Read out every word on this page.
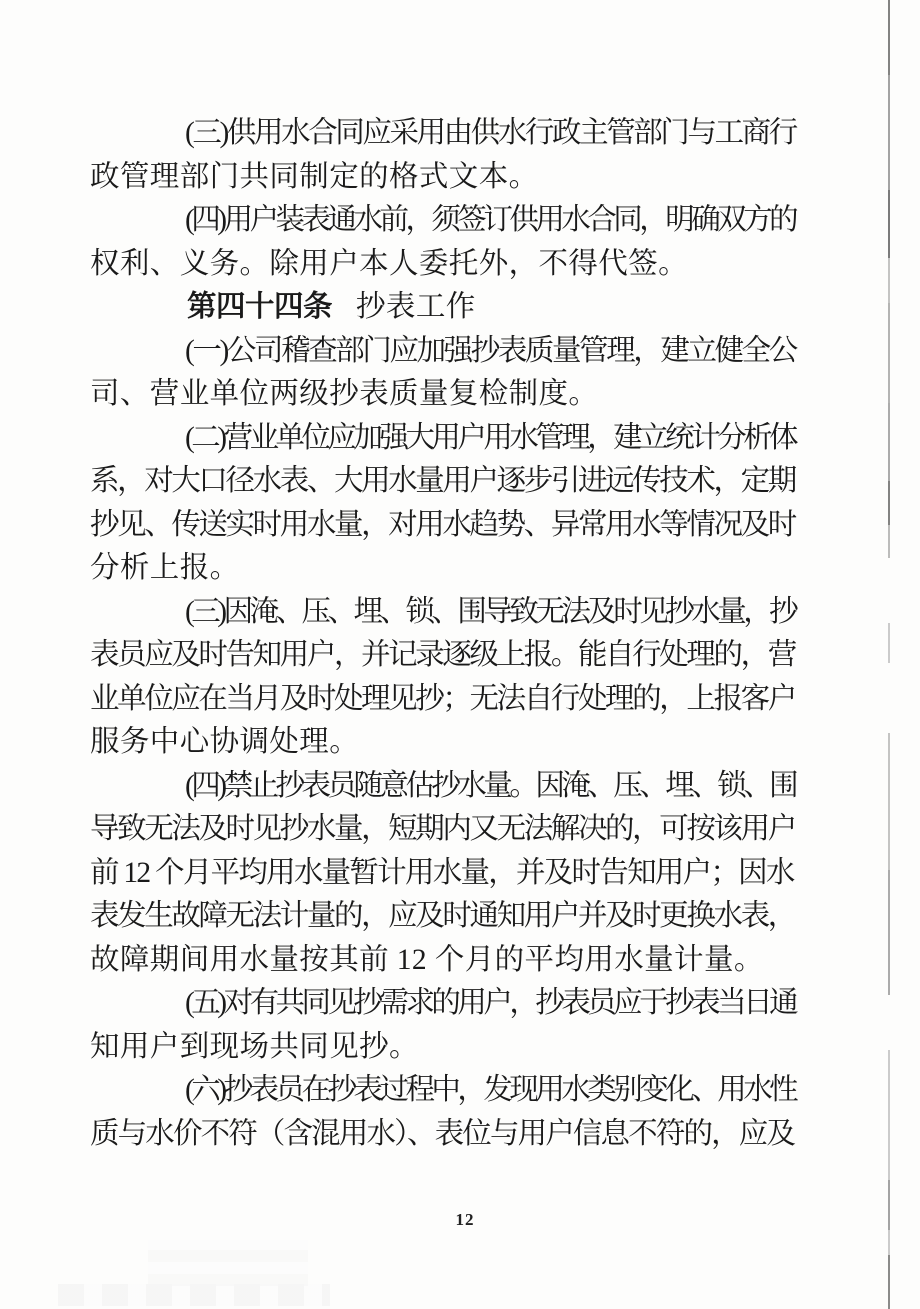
(三)供用水合同应采用由供水行政主管部门与工商行
政管理部门共同制定的格式文本。
(四)用户装表通水前，须签订供用水合同，明确双方的
权利、义务。除用户本人委托外，不得代签。
第四十四条 抄表工作
(一)公司稽查部门应加强抄表质量管理，建立健全公
司、营业单位两级抄表质量复检制度。
(二)营业单位应加强大用户用水管理，建立统计分析体
系，对大口径水表、大用水量用户逐步引进远传技术，定期
抄见、传送实时用水量，对用水趋势、异常用水等情况及时
分析上报。
(三)因淹、压、埋、锁、围导致无法及时见抄水量，抄
表员应及时告知用户，并记录逐级上报。能自行处理的，营
业单位应在当月及时处理见抄；无法自行处理的，上报客户
服务中心协调处理。
(四)禁止抄表员随意估抄水量。因淹、压、埋、锁、围
导致无法及时见抄水量，短期内又无法解决的，可按该用户
前 12 个月平均用水量暂计用水量，并及时告知用户；因水
表发生故障无法计量的，应及时通知用户并及时更换水表，
故障期间用水量按其前 12 个月的平均用水量计量。
(五)对有共同见抄需求的用户，抄表员应于抄表当日通
知用户到现场共同见抄。
(六)抄表员在抄表过程中，发现用水类别变化、用水性
质与水价不符（含混用水）、表位与用户信息不符的，应及
12
